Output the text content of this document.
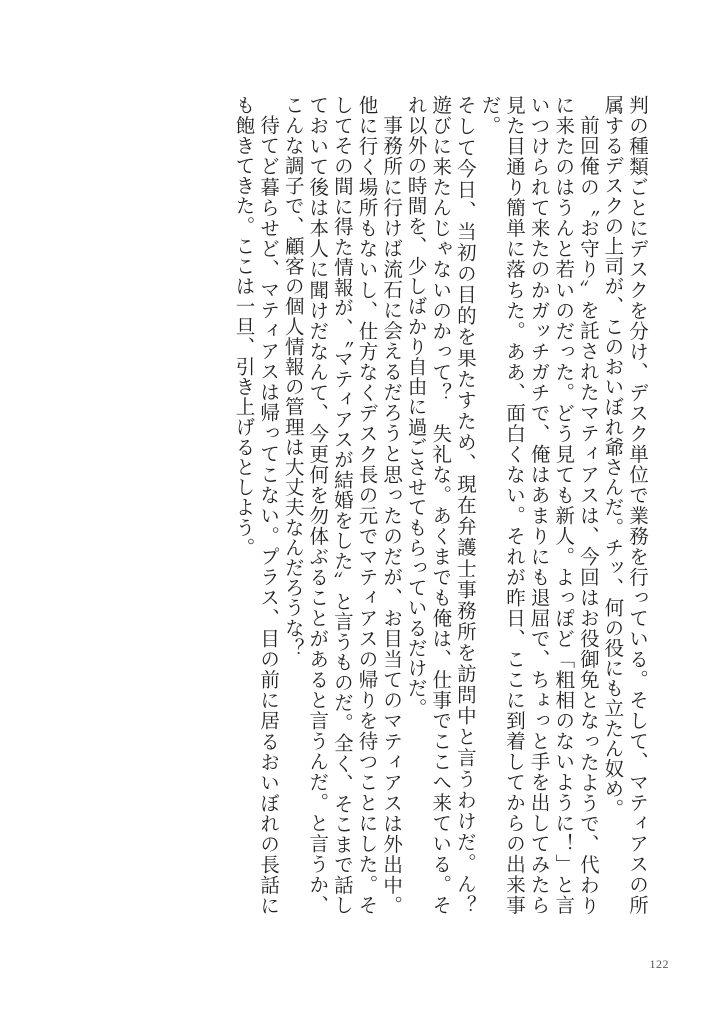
判の種類ごとにデスクを分け、デスク単位で業務を行っている。そして、マティアスの所属するデスクの上司が、このおいぼれ爺さんだ。チッ、何の役にも立たん奴め。

前回俺の〝お守り〟を託されたマティアスは、今回はお役御免となったようで、代わりに来たのはうんと若いのだった。どう見ても新人。よっぽど「粗相のないように！」と言いつけられて来たのかガッチガチで、俺はあまりにも退屈で、ちょっと手を出してみたら見た目通り簡単に落ちた。ああ、面白くない。それが昨日、ここに到着してからの出来事だ。

そして今日、当初の目的を果たすため、現在弁護士事務所を訪問中と言うわけだ。ん？　遊びに来たんじゃないのかって？　失礼な。あくまでも俺は、仕事でここへ来ている。それ以外の時間を、少しばかり自由に過ごさせてもらっているだけだ。

事務所に行けば流石に会えるだろうと思ったのだが、お目当てのマティアスは外出中。他に行く場所もないし、仕方なくデスク長の元でマティアスの帰りを待つことにした。そしてその間に得た情報が、〝マティアスが結婚をした〟と言うものだ。全く、そこまで話しておいて後は本人に聞けだなんて、今更何を勿体ぶることがあると言うんだ。と言うか、こんな調子で、顧客の個人情報の管理は大丈夫なんだろうな？

待てど暮らせど、マティアスは帰ってこない。プラス、目の前に居るおいぼれの長話にも飽きてきた。ここは一旦、引き上げるとしよう。

122
